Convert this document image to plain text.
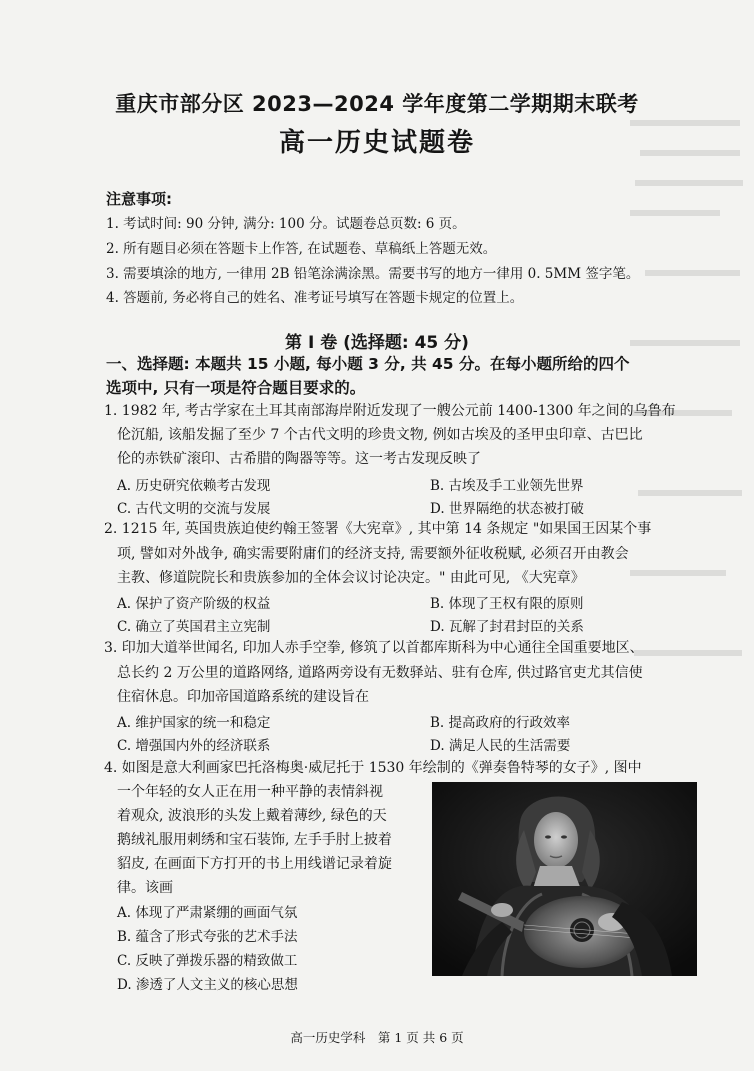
重庆市部分区 2023—2024 学年度第二学期期末联考
高一历史试题卷
注意事项:
1. 考试时间: 90 分钟, 满分: 100 分。试题卷总页数: 6 页。
2. 所有题目必须在答题卡上作答, 在试题卷、草稿纸上答题无效。
3. 需要填涂的地方, 一律用 2B 铅笔涂满涂黑。需要书写的地方一律用 0. 5MM 签字笔。
4. 答题前, 务必将自己的姓名、准考证号填写在答题卡规定的位置上。
第 I 卷 (选择题: 45 分)
一、选择题: 本题共 15 小题, 每小题 3 分, 共 45 分。在每小题所给的四个
选项中, 只有一项是符合题目要求的。
1. 1982 年, 考古学家在土耳其南部海岸附近发现了一艘公元前 1400-1300 年之间的乌鲁布
伦沉船, 该船发掘了至少 7 个古代文明的珍贵文物, 例如古埃及的圣甲虫印章、古巴比
伦的赤铁矿滚印、古希腊的陶器等等。这一考古发现反映了
A. 历史研究依赖考古发现	B. 古埃及手工业领先世界
C. 古代文明的交流与发展	D. 世界隔绝的状态被打破
2. 1215 年, 英国贵族迫使约翰王签署《大宪章》, 其中第 14 条规定 "如果国王因某个事
项, 譬如对外战争, 确实需要附庸们的经济支持, 需要额外征收税赋, 必须召开由教会
主教、修道院院长和贵族参加的全体会议讨论决定。" 由此可见, 《大宪章》
A. 保护了资产阶级的权益	B. 体现了王权有限的原则
C. 确立了英国君主立宪制	D. 瓦解了封君封臣的关系
3. 印加大道举世闻名, 印加人赤手空拳, 修筑了以首都库斯科为中心通往全国重要地区、
总长约 2 万公里的道路网络, 道路两旁设有无数驿站、驻有仓库, 供过路官吏尤其信使
住宿休息。印加帝国道路系统的建设旨在
A. 维护国家的统一和稳定	B. 提高政府的行政效率
C. 增强国内外的经济联系	D. 满足人民的生活需要
4. 如图是意大利画家巴托洛梅奥·威尼托于 1530 年绘制的《弹奏鲁特琴的女子》, 图中
一个年轻的女人正在用一种平静的表情斜视
着观众, 波浪形的头发上戴着薄纱, 绿色的天
鹅绒礼服用刺绣和宝石装饰, 左手手肘上披着
貂皮, 在画面下方打开的书上用线谱记录着旋
律。该画
A. 体现了严肃紧绷的画面气氛
B. 蕴含了形式夸张的艺术手法
C. 反映了弹拨乐器的精致做工
D. 渗透了人文主义的核心思想
高一历史学科　第 1 页 共 6 页
